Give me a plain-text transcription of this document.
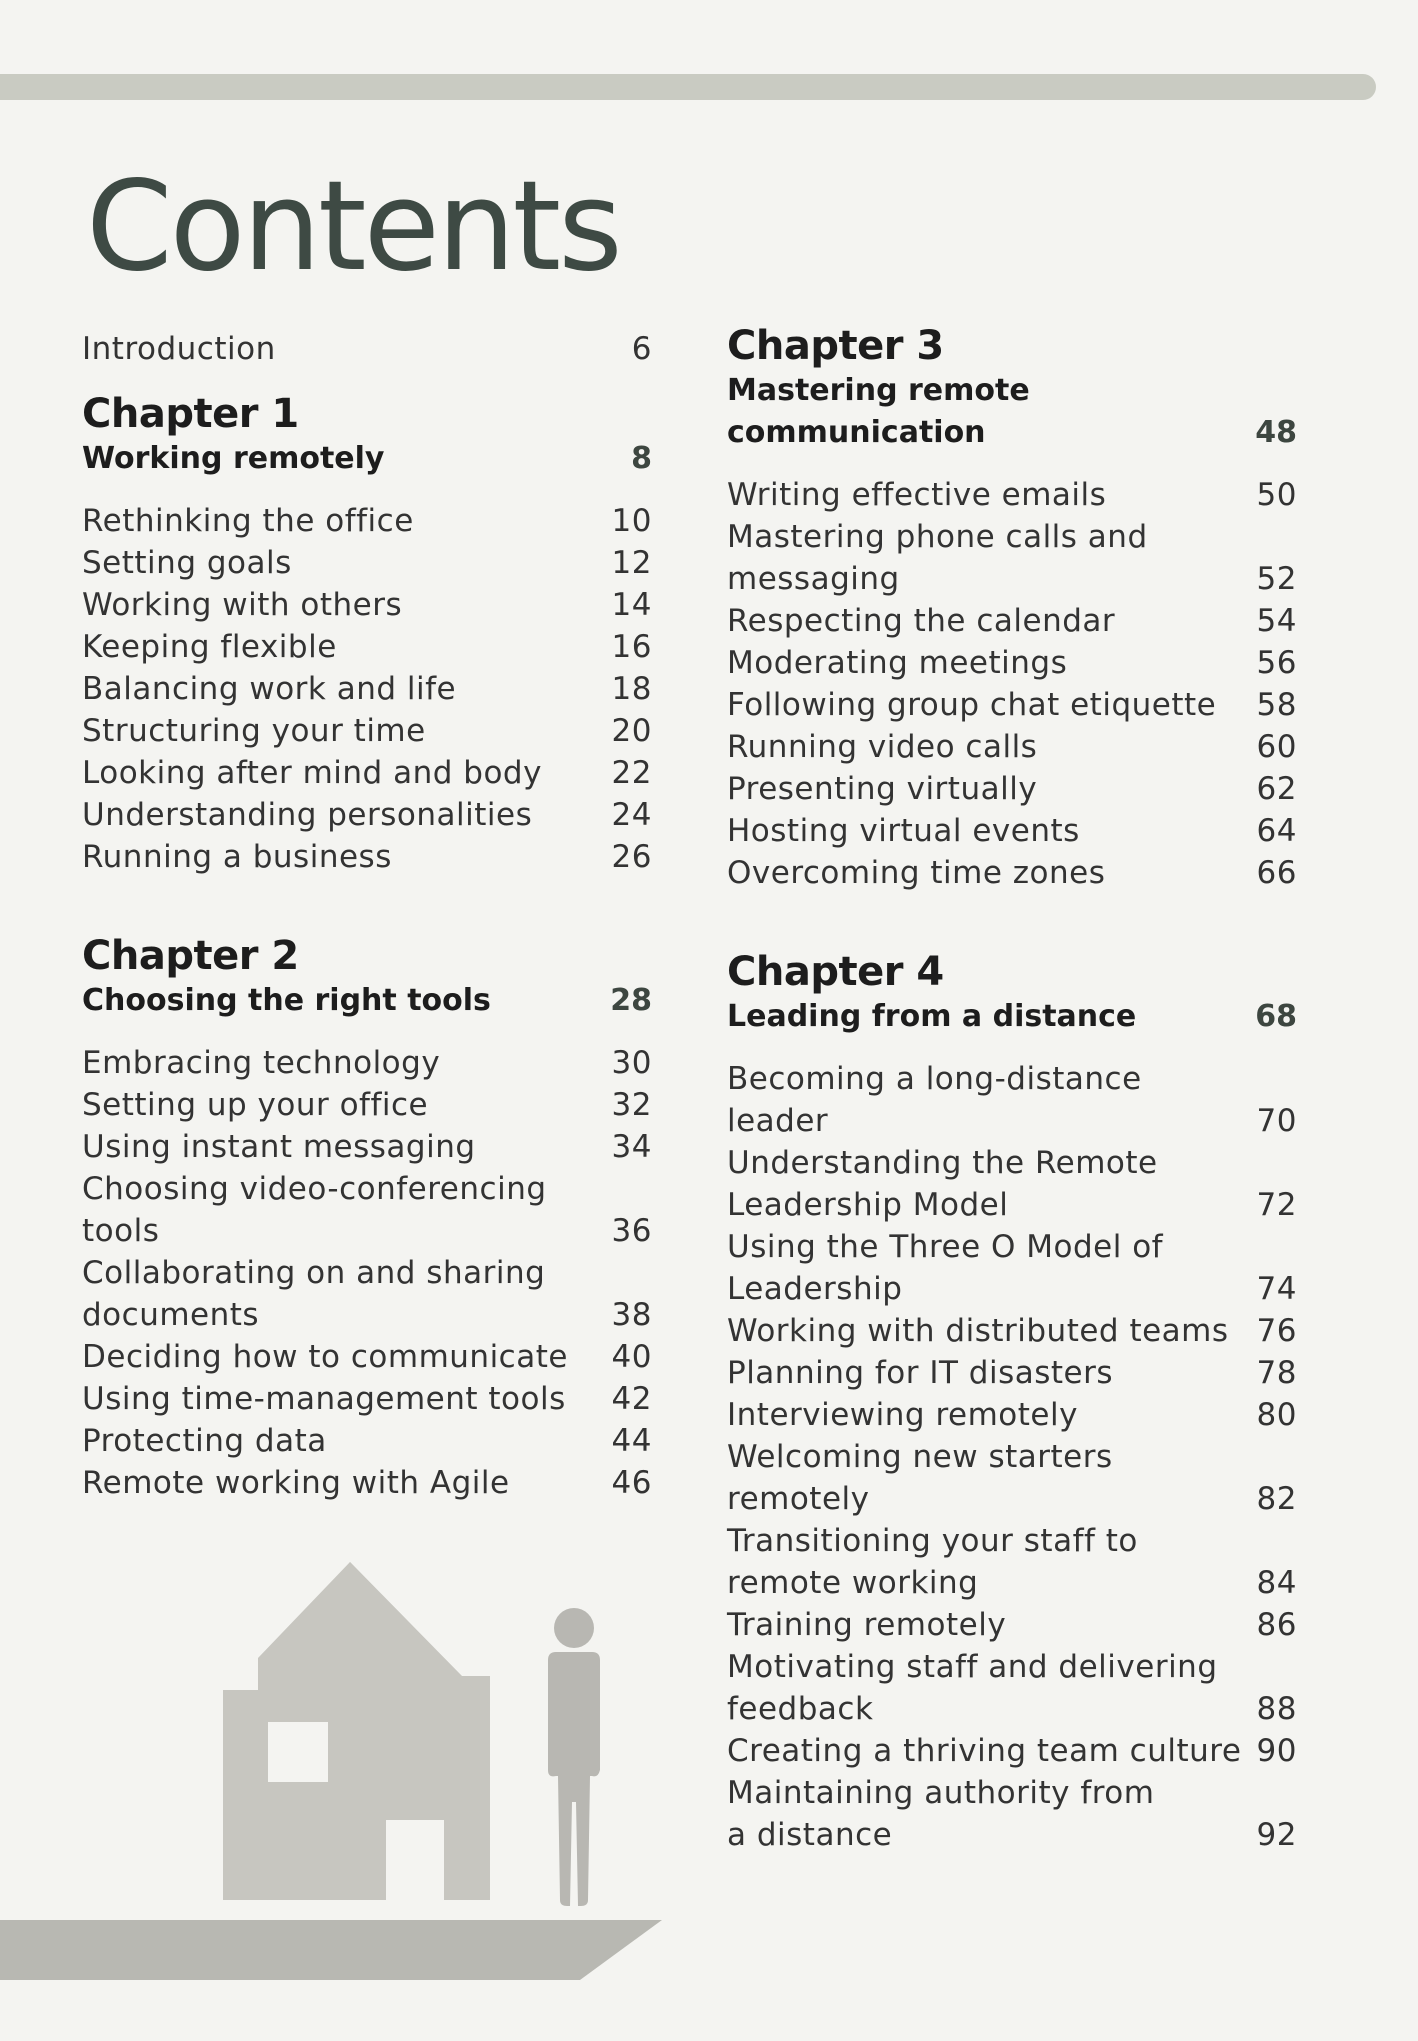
Contents
Introduction	6
Chapter 1
Working remotely	8
Rethinking the office	10
Setting goals	12
Working with others	14
Keeping flexible	16
Balancing work and life	18
Structuring your time	20
Looking after mind and body 22
Understanding personalities	24
Running a business	26
Chapter 2
Choosing the right tools	28
Embracing technology	30
Setting up your office	32
Using instant messaging	34
Choosing video-conferencing
tools	36
Collaborating on and sharing
documents	38
Deciding how to communicate 40
Using time-management tools 42
Protecting data	44
Remote working with Agile	46
Chapter 3
Mastering remote
communication	48
Writing effective emails	50
Mastering phone calls and
messaging	52
Respecting the calendar	54
Moderating meetings	56
Following group chat etiquette 58
Running video calls	60
Presenting virtually	62
Hosting virtual events	64
Overcoming time zones	66
Chapter 4
Leading from a distance	68
Becoming a long-distance leader	70
Understanding the Remote
Leadership Model	72
Using the Three O Model of
Leadership	74
Working with distributed teams 76
Planning for IT disasters	78
Interviewing remotely	80
Welcoming new starters
remotely	82
Transitioning your staff to
remote working	84
Training remotely	86
Motivating staff and delivering
feedback	88
Creating a thriving team culture 90
Maintaining authority from
a distance	92
